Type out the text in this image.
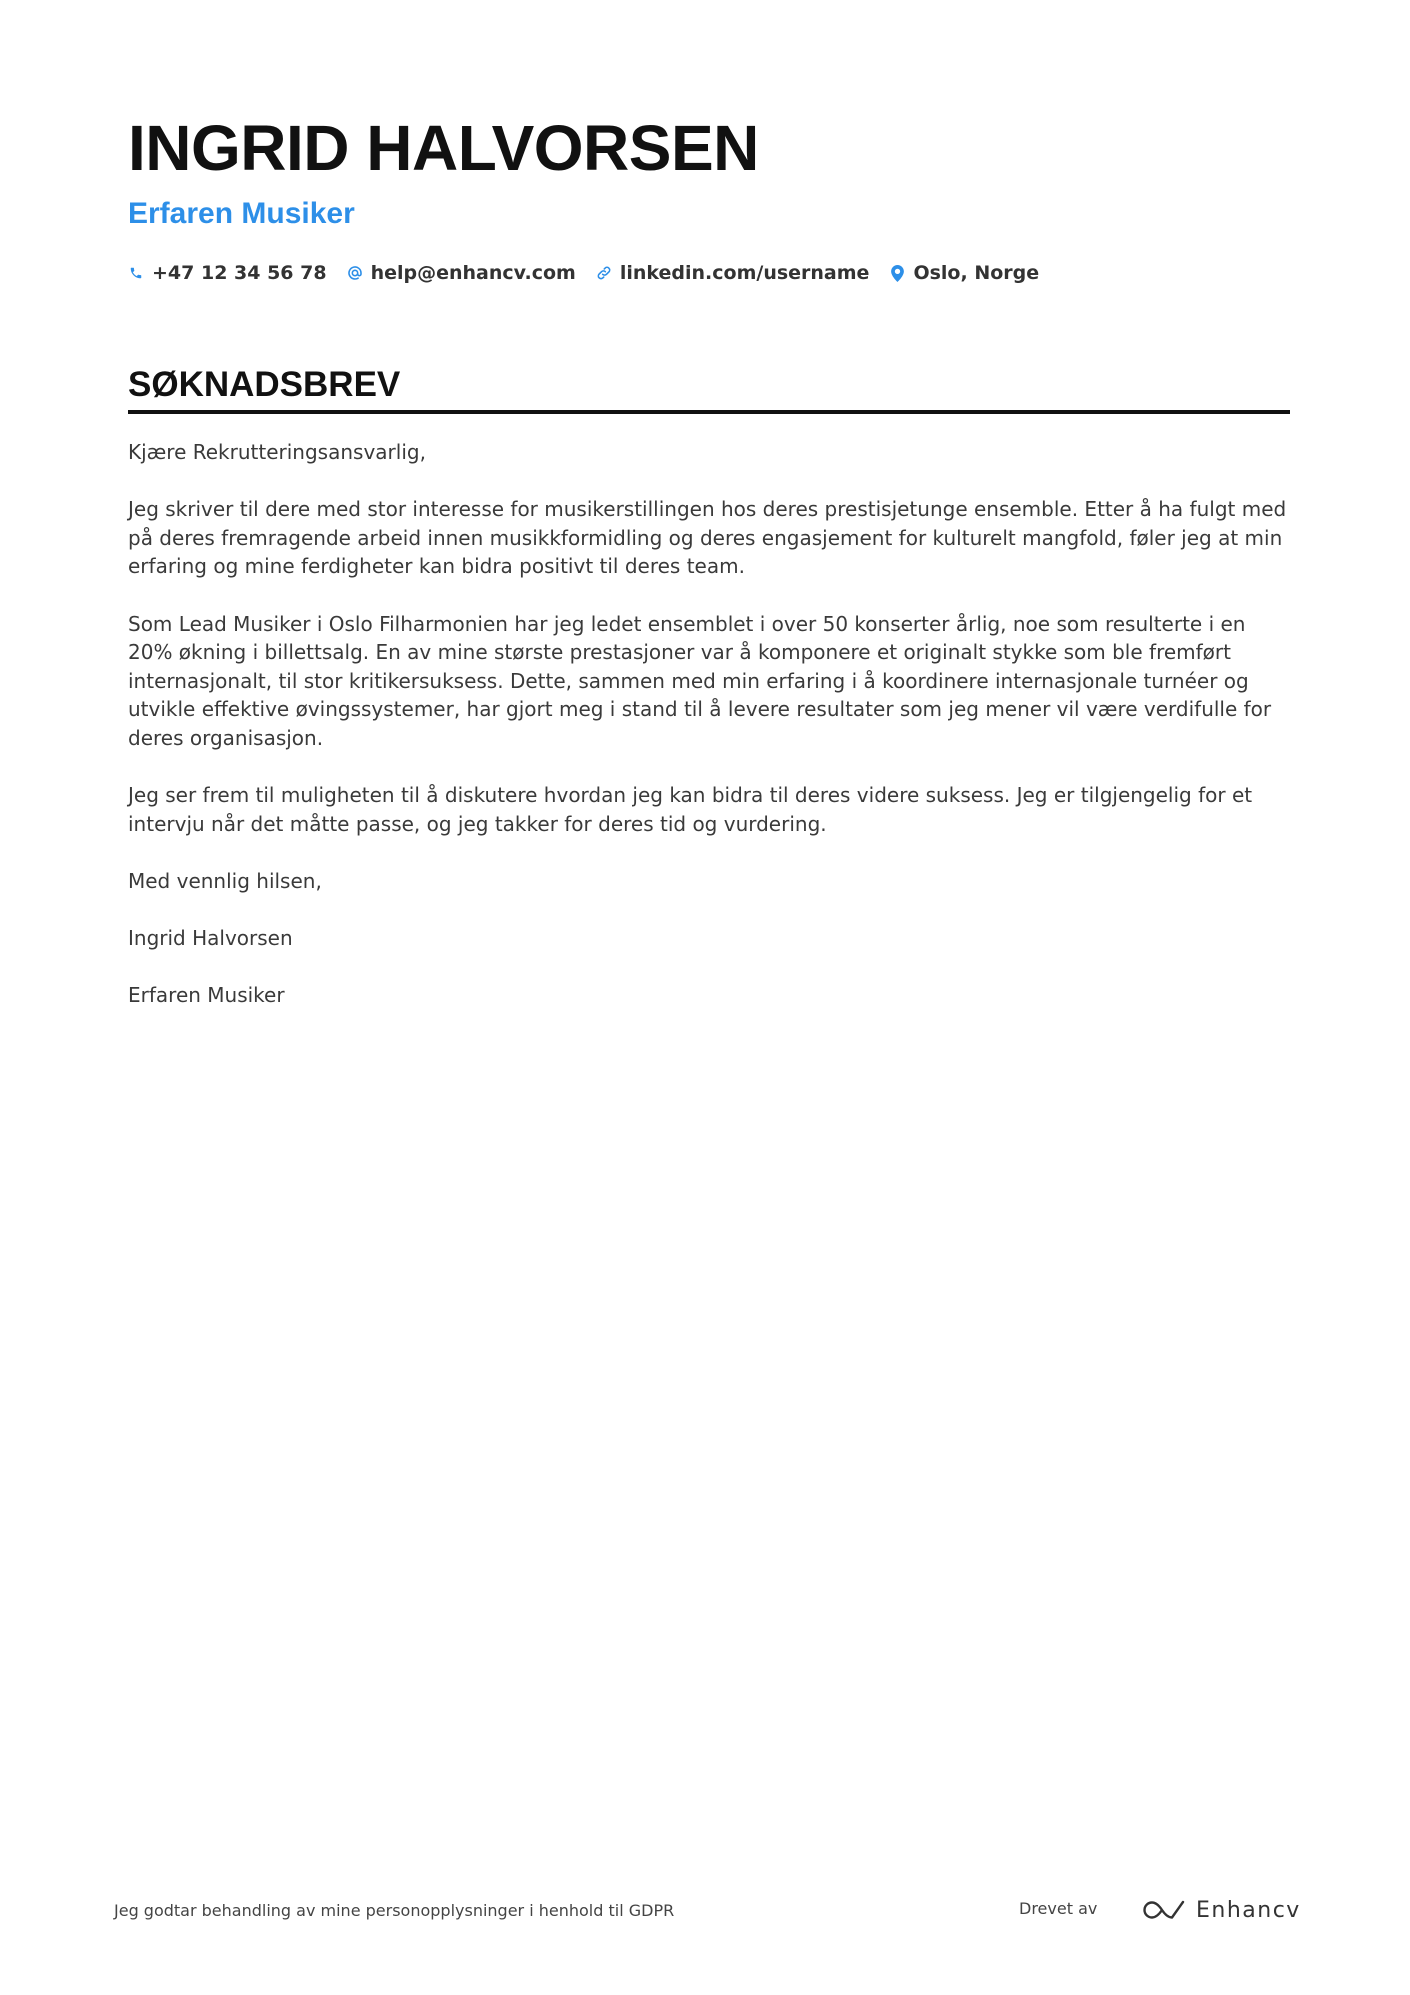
INGRID HALVORSEN
Erfaren Musiker
+47 12 34 56 78 help@enhancv.com linkedin.com/username Oslo, Norge
SØKNADSBREV

Kjære Rekrutteringsansvarlig,

Jeg skriver til dere med stor interesse for musikerstillingen hos deres prestisjetunge ensemble. Etter å ha fulgt med på deres fremragende arbeid innen musikkformidling og deres engasjement for kulturelt mangfold, føler jeg at min erfaring og mine ferdigheter kan bidra positivt til deres team.

Som Lead Musiker i Oslo Filharmonien har jeg ledet ensemblet i over 50 konserter årlig, noe som resulterte i en 20% økning i billettsalg. En av mine største prestasjoner var å komponere et originalt stykke som ble fremført internasjonalt, til stor kritikersuksess. Dette, sammen med min erfaring i å koordinere internasjonale turnéer og utvikle effektive øvingssystemer, har gjort meg i stand til å levere resultater som jeg mener vil være verdifulle for deres organisasjon.

Jeg ser frem til muligheten til å diskutere hvordan jeg kan bidra til deres videre suksess. Jeg er tilgjengelig for et intervju når det måtte passe, og jeg takker for deres tid og vurdering.

Med vennlig hilsen,

Ingrid Halvorsen

Erfaren Musiker

Jeg godtar behandling av mine personopplysninger i henhold til GDPR	Drevet av	Enhancv
